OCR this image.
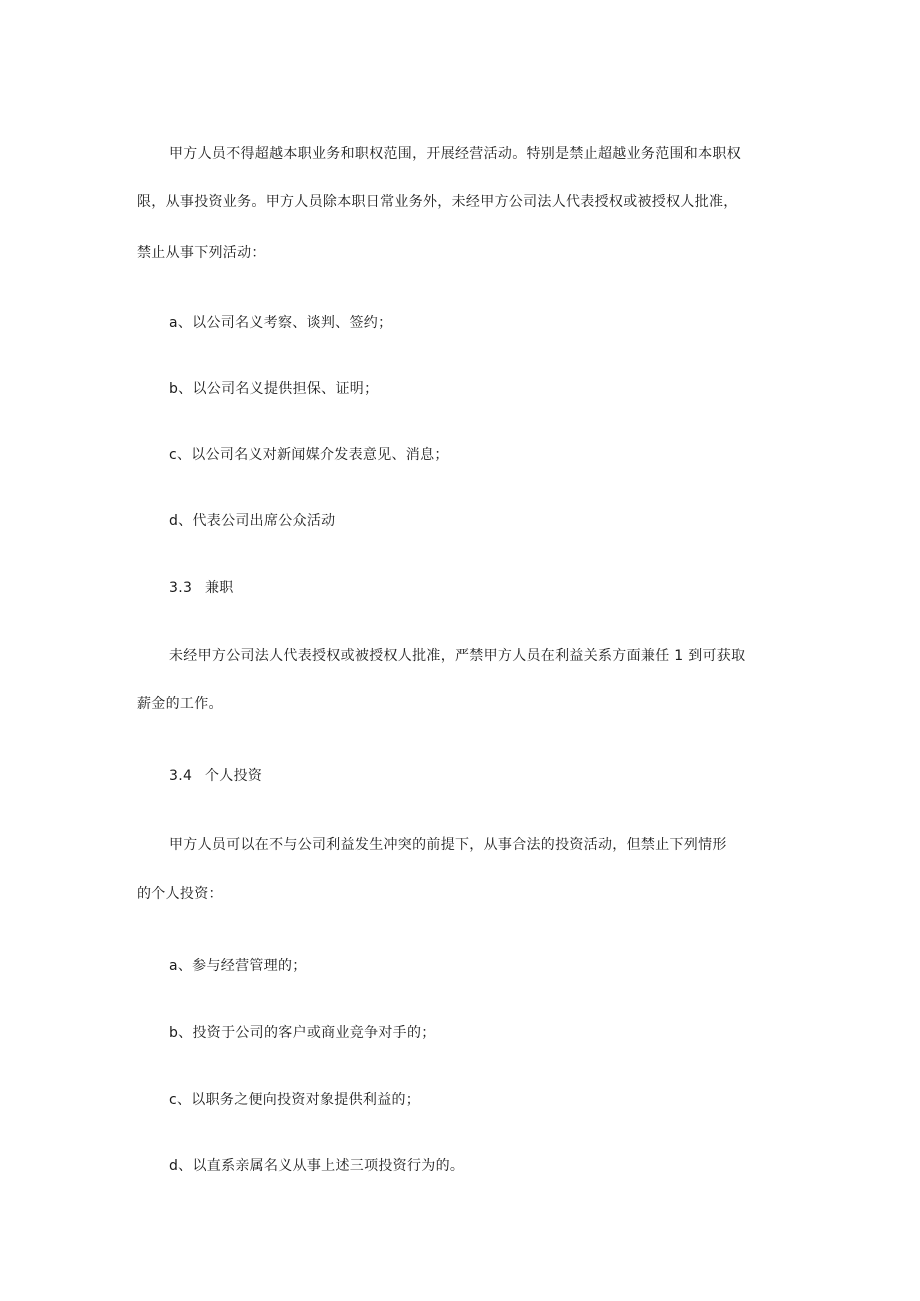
甲方人员不得超越本职业务和职权范围，开展经营活动。特别是禁止超越业务范围和本职权
限，从事投资业务。甲方人员除本职日常业务外，未经甲方公司法人代表授权或被授权人批准，
禁止从事下列活动：
a、以公司名义考察、谈判、签约；
b、以公司名义提供担保、证明；
c、以公司名义对新闻媒介发表意见、消息；
d、代表公司出席公众活动
3.3 兼职
未经甲方公司法人代表授权或被授权人批准，严禁甲方人员在利益关系方面兼任 1 到可获取
薪金的工作。
3.4 个人投资
甲方人员可以在不与公司利益发生冲突的前提下，从事合法的投资活动，但禁止下列情形
的个人投资：
a、参与经营管理的；
b、投资于公司的客户或商业竞争对手的；
c、以职务之便向投资对象提供利益的；
d、以直系亲属名义从事上述三项投资行为的。
